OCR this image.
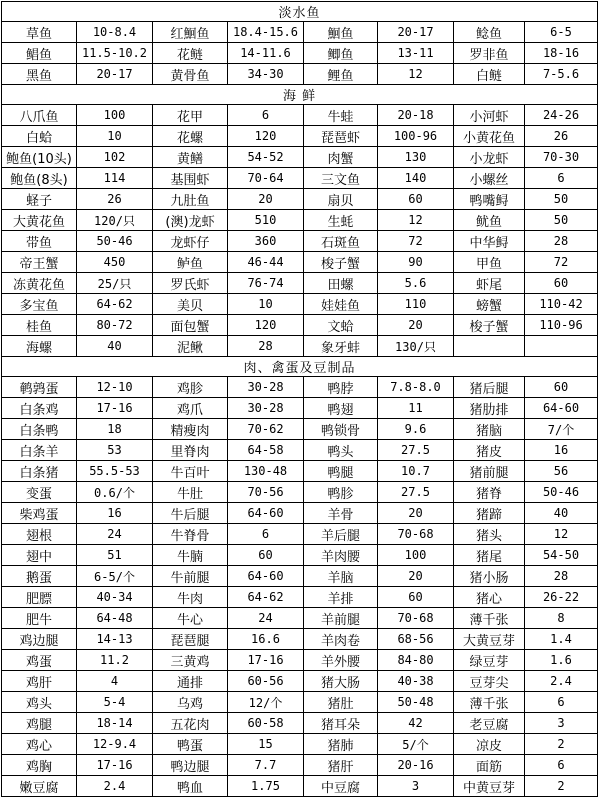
淡水鱼							
草鱼	10-8.4	红鮰鱼	18.4-15.6	鮰鱼	20-17	鲶鱼	6-5
鲳鱼	11.5-10.2	花鲢	14-11.6	鲫鱼	13-11	罗非鱼	18-16
黑鱼	20-17	黄骨鱼	34-30	鲤鱼	12	白鲢	7-5.6
海 鲜							
八爪鱼	100	花甲	6	牛蛙	20-18	小河虾	24-26
白蛤	10	花螺	120	琵琶虾	100-96	小黄花鱼	26
鲍鱼(10头)	102	黄鳝	54-52	肉蟹	130	小龙虾	70-30
鲍鱼(8头)	114	基围虾	70-64	三文鱼	140	小螺丝	6
蛏子	26	九肚鱼	20	扇贝	60	鸭嘴鲟	50
大黄花鱼	120/只	(澳)龙虾	510	生蚝	12	鱿鱼	50
带鱼	50-46	龙虾仔	360	石斑鱼	72	中华鲟	28
帝王蟹	450	鲈鱼	46-44	梭子蟹	90	甲鱼	72
冻黄花鱼	25/只	罗氏虾	76-74	田螺	5.6	虾尾	60
多宝鱼	64-62	美贝	10	娃娃鱼	110	螃蟹	110-42
桂鱼	80-72	面包蟹	120	文蛤	20	梭子蟹	110-96
海螺	40	泥鳅	28	象牙蚌	130/只		
肉、禽蛋及豆制品							
鹌鹑蛋	12-10	鸡胗	30-28	鸭脖	7.8-8.0	猪后腿	60
白条鸡	17-16	鸡爪	30-28	鸭翅	11	猪肋排	64-60
白条鸭	18	精瘦肉	70-62	鸭锁骨	9.6	猪脑	7/个
白条羊	53	里脊肉	64-58	鸭头	27.5	猪皮	16
白条猪	55.5-53	牛百叶	130-48	鸭腿	10.7	猪前腿	56
变蛋	0.6/个	牛肚	70-56	鸭胗	27.5	猪脊	50-46
柴鸡蛋	16	牛后腿	64-60	羊骨	20	猪蹄	40
翅根	24	牛脊骨	6	羊后腿	70-68	猪头	12
翅中	51	牛腩	60	羊肉腰	100	猪尾	54-50
鹅蛋	6-5/个	牛前腿	64-60	羊脑	20	猪小肠	28
肥膘	40-34	牛肉	64-62	羊排	60	猪心	26-22
肥牛	64-48	牛心	24	羊前腿	70-68	薄千张	8
鸡边腿	14-13	琵琶腿	16.6	羊肉卷	68-56	大黄豆芽	1.4
鸡蛋	11.2	三黄鸡	17-16	羊外腰	84-80	绿豆芽	1.6
鸡肝	4	通排	60-56	猪大肠	40-38	豆芽尖	2.4
鸡头	5-4	乌鸡	12/个	猪肚	50-48	薄千张	6
鸡腿	18-14	五花肉	60-58	猪耳朵	42	老豆腐	3
鸡心	12-9.4	鸭蛋	15	猪肺	5/个	凉皮	2
鸡胸	17-16	鸭边腿	7.7	猪肝	20-16	面筋	6
嫩豆腐	2.4	鸭血	1.75	中豆腐	3	中黄豆芽	2
